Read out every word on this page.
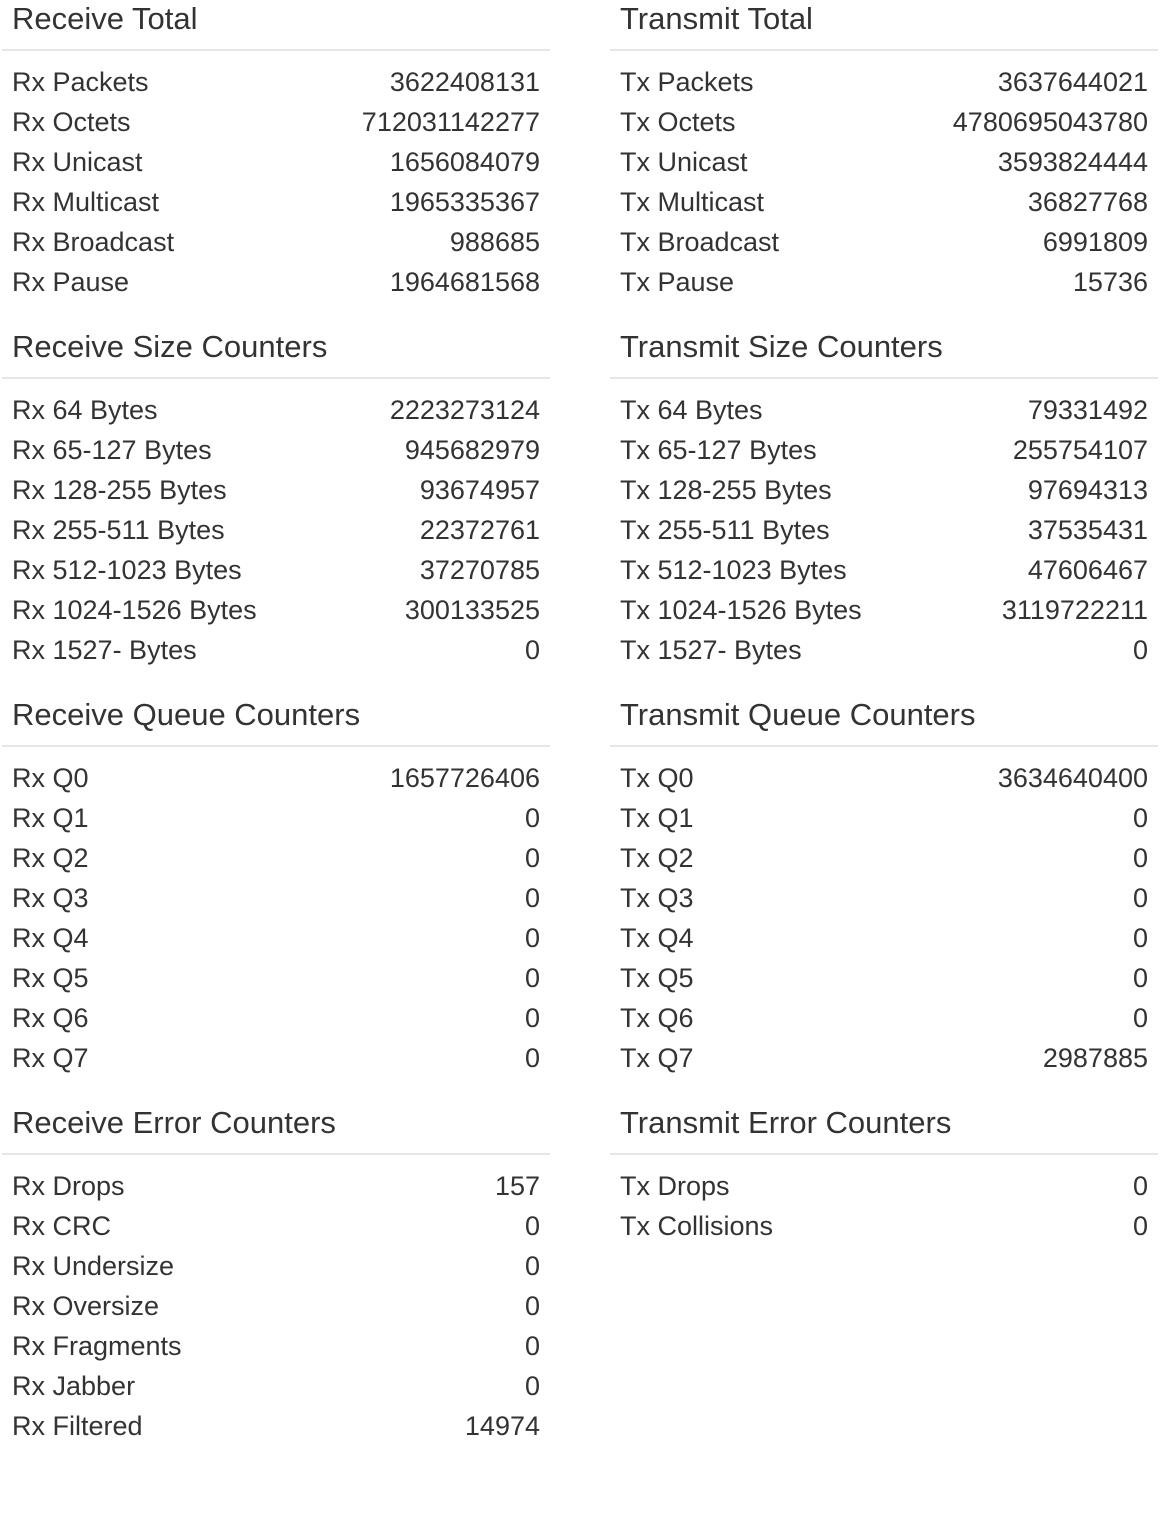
Receive Total
Rx Packets	3622408131
Rx Octets	712031142277
Rx Unicast	1656084079
Rx Multicast	1965335367
Rx Broadcast	988685
Rx Pause	1964681568
Receive Size Counters
Rx 64 Bytes	2223273124
Rx 65-127 Bytes	945682979
Rx 128-255 Bytes	93674957
Rx 255-511 Bytes	22372761
Rx 512-1023 Bytes	37270785
Rx 1024-1526 Bytes	300133525
Rx 1527- Bytes	0
Receive Queue Counters
Rx Q0	1657726406
Rx Q1	0
Rx Q2	0
Rx Q3	0
Rx Q4	0
Rx Q5	0
Rx Q6	0
Rx Q7	0
Receive Error Counters
Rx Drops	157
Rx CRC	0
Rx Undersize	0
Rx Oversize	0
Rx Fragments	0
Rx Jabber	0
Rx Filtered	14974
Transmit Total
Tx Packets	3637644021
Tx Octets	4780695043780
Tx Unicast	3593824444
Tx Multicast	36827768
Tx Broadcast	6991809
Tx Pause	15736
Transmit Size Counters
Tx 64 Bytes	79331492
Tx 65-127 Bytes	255754107
Tx 128-255 Bytes	97694313
Tx 255-511 Bytes	37535431
Tx 512-1023 Bytes	47606467
Tx 1024-1526 Bytes	3119722211
Tx 1527- Bytes	0
Transmit Queue Counters
Tx Q0	3634640400
Tx Q1	0
Tx Q2	0
Tx Q3	0
Tx Q4	0
Tx Q5	0
Tx Q6	0
Tx Q7	2987885
Transmit Error Counters
Tx Drops	0
Tx Collisions	0
